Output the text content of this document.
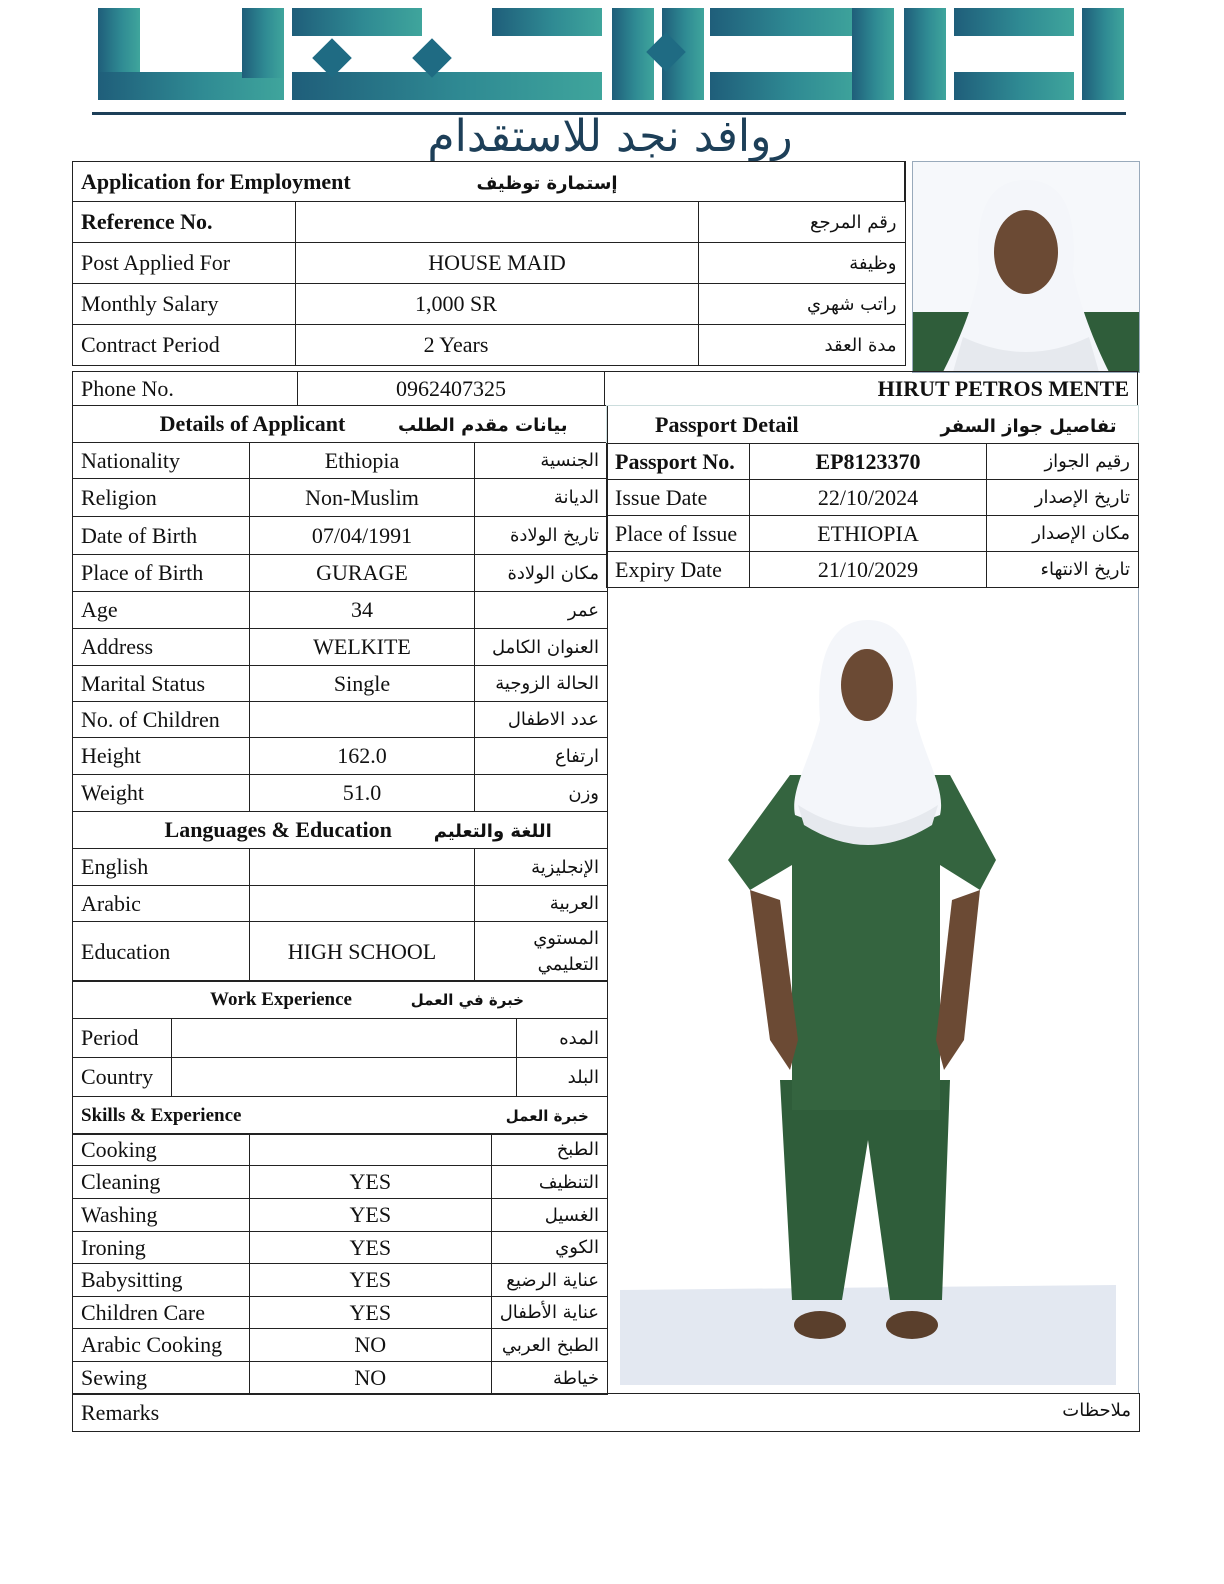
روافد نجد للاستقدام
Application for Employment إستمارة توظيف		
Reference No.		رقم المرجع
Post Applied For	HOUSE MAID	وظيفة
Monthly Salary	1,000 SR	راتب شهري
Contract Period	2 Years	مدة العقد
Phone No.	0962407325	HIRUT PETROS MENTE
Details of Applicant بيانات مقدم الطلب		
Nationality	Ethiopia	الجنسية
Religion	Non-Muslim	الديانة
Date of Birth	07/04/1991	تاريخ الولادة
Place of Birth	GURAGE	مكان الولادة
Age	34	عمر
Address	WELKITE	العنوان الكامل
Marital Status	Single	الحالة الزوجية
No. of Children		عدد الاطفال
Height	162.0	ارتفاع
Weight	51.0	وزن
Languages & Education اللغة والتعليم		
English		الإنجليزية
Arabic		العربية
Education	HIGH SCHOOL	المستوي التعليمي
Work Experience خبرة في العمل		
Period		المده
Country		البلد
Skills & Experience خبرة العمل		
Cooking		الطبخ
Cleaning	YES	التنظيف
Washing	YES	الغسيل
Ironing	YES	الكوي
Babysitting	YES	عناية الرضيع
Children Care	YES	عناية الأطفال
Arabic Cooking	NO	الطبخ العربي
Sewing	NO	خياطة
Passport Detail تفاصيل جواز السفر		
Passport No.	EP8123370	رقيم الجواز
Issue Date	22/10/2024	تاريخ الإصدار
Place of Issue	ETHIOPIA	مكان الإصدار
Expiry Date	21/10/2029	تاريخ الانتهاء
Remarks	ملاحظات
